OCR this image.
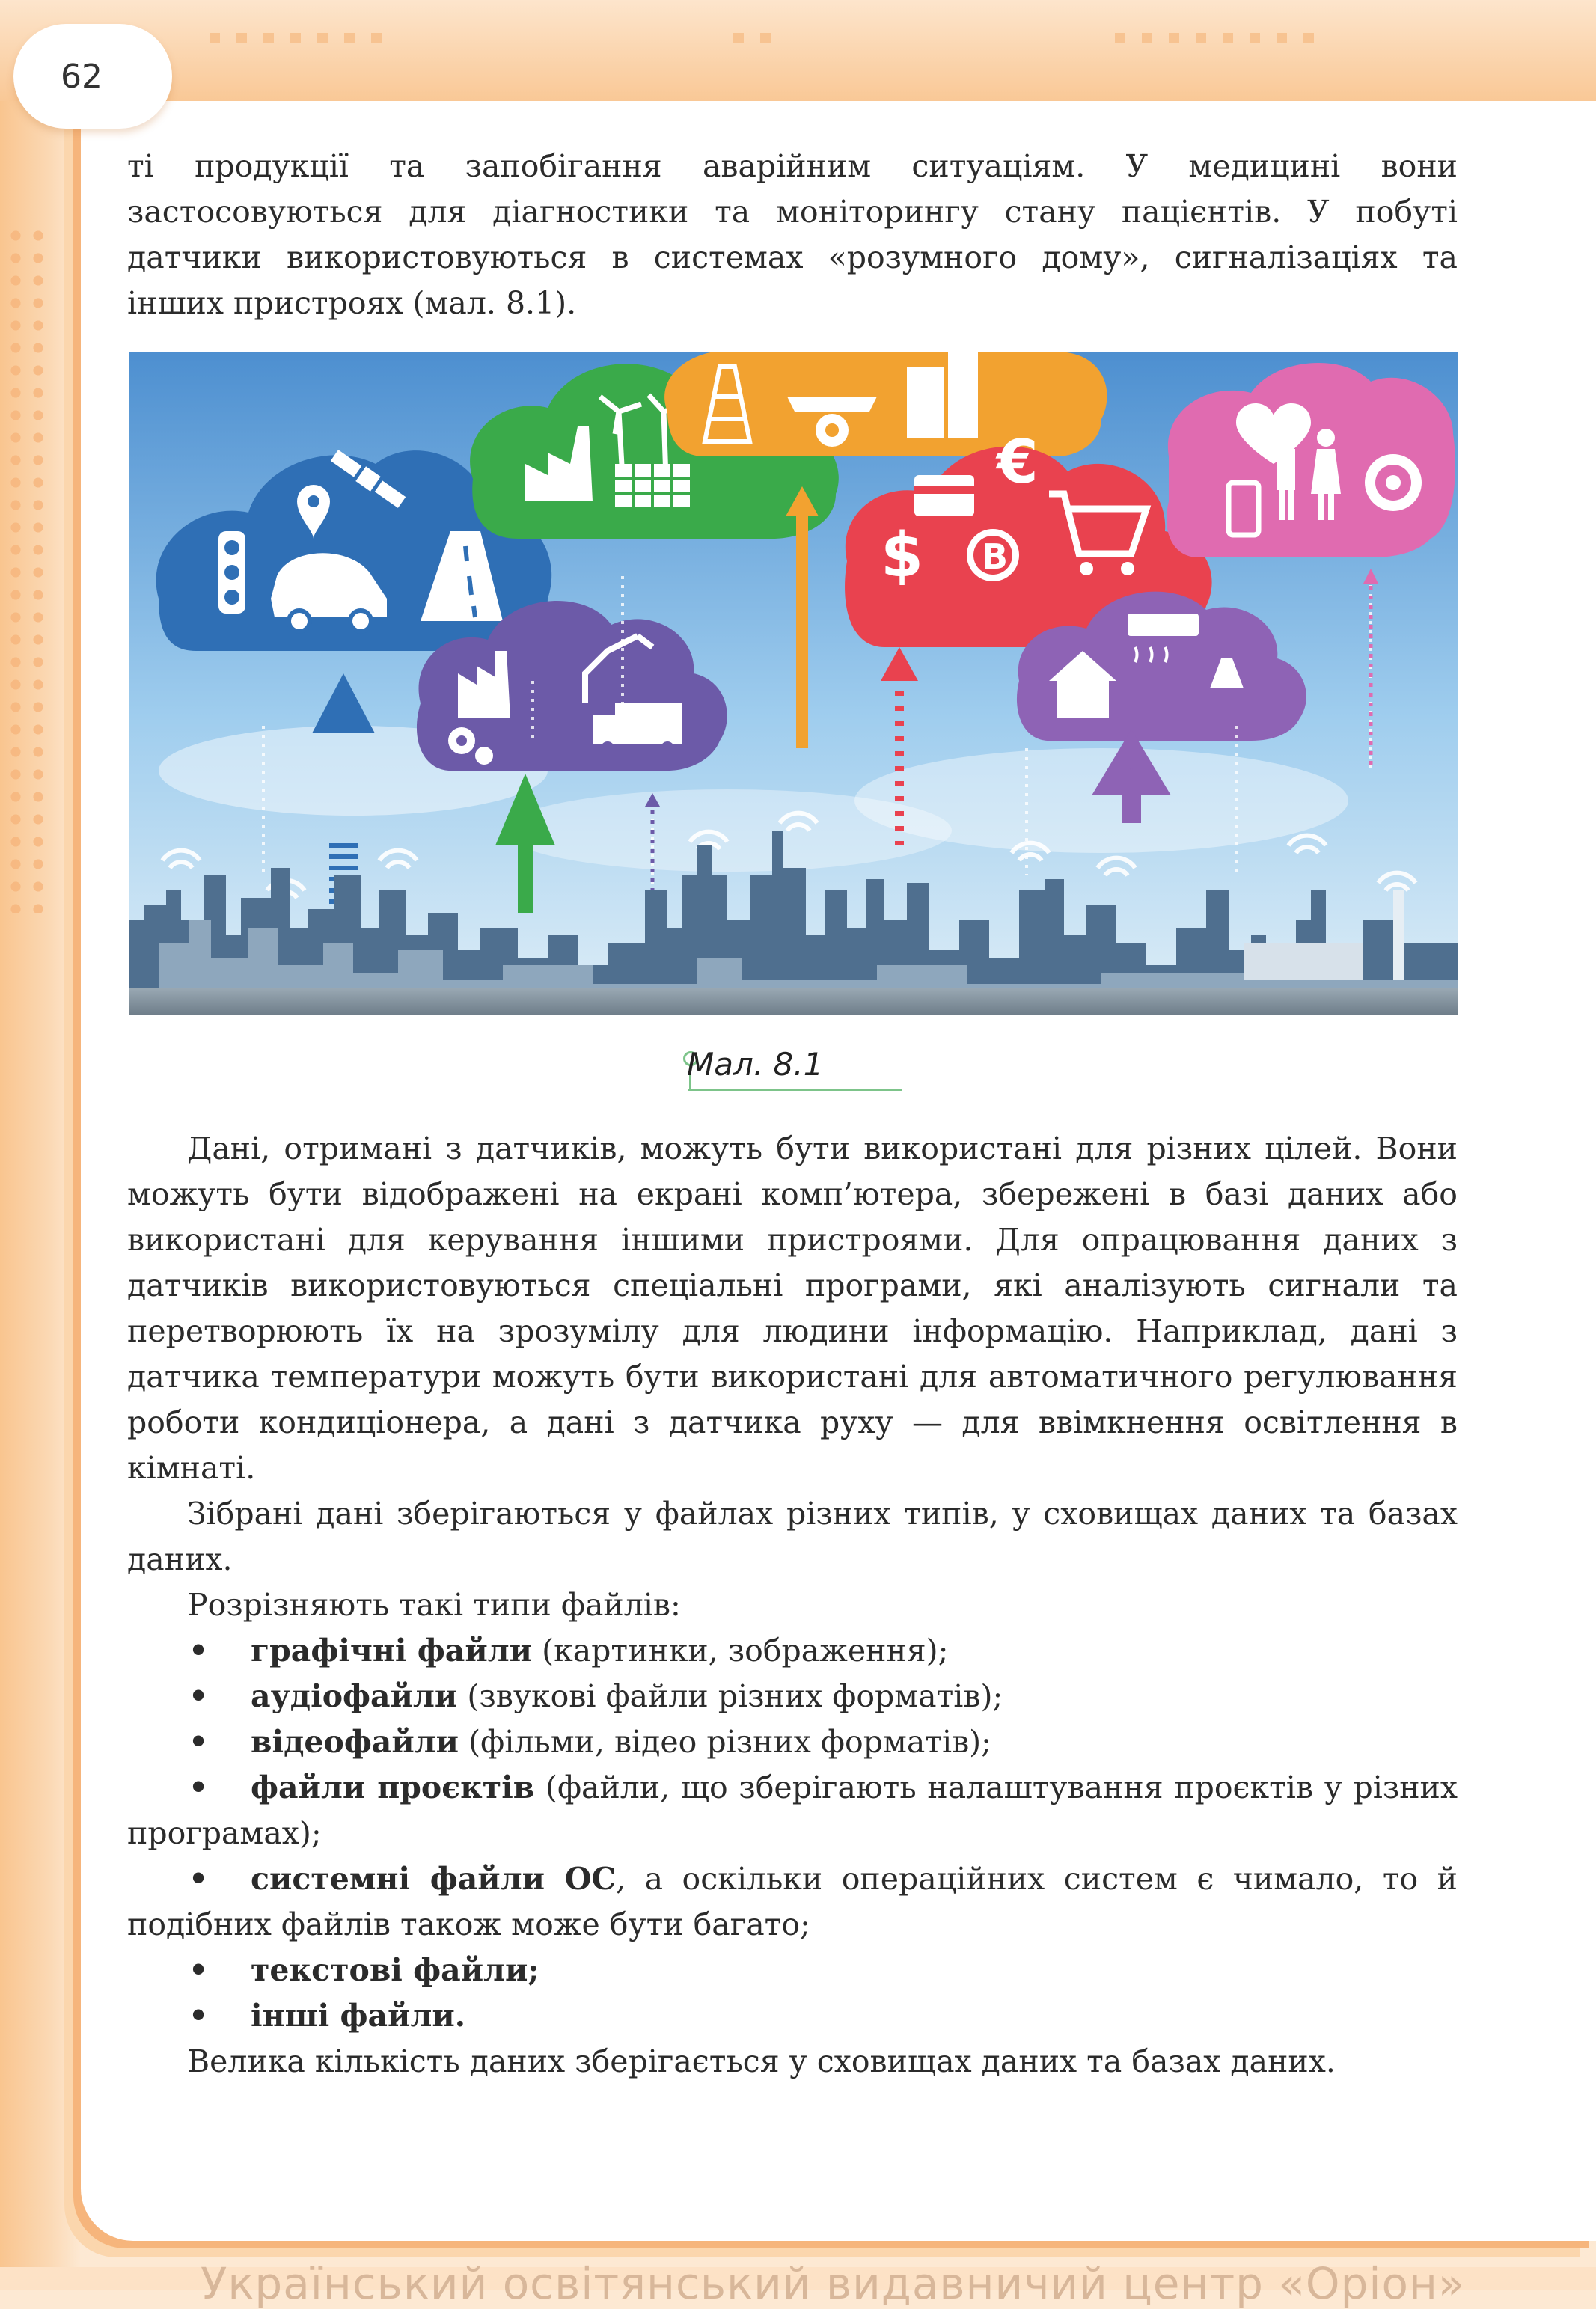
62

ті продукції та запобігання аварійним ситуаціям. У медицині вони застосовуються для діагностики та моніторингу стану пацієнтів. У побуті датчики використовуються в системах «розумного дому», сигналізаціях та інших пристроях (мал. 8.1).

$
€
B
Мал. 8.1

Дані, отримані з датчиків, можуть бути використані для різних цілей. Вони можуть бути відображені на екрані комп’ютера, збережені в базі даних або використані для керування іншими пристроями. Для опрацювання даних з датчиків використовуються спеціальні програми, які аналізують сигнали та перетворюють їх на зрозумілу для людини інформацію. Наприклад, дані з датчика температури можуть бути використані для автоматичного регулювання роботи кондиціонера, а дані з датчика руху — для ввімкнення освітлення в кімнаті.

Зібрані дані зберігаються у файлах різних типів, у сховищах даних та базах даних.

Розрізняють такі типи файлів:

• графічні файли (картинки, зображення);
• аудіофайли (звукові файли різних форматів);
• відеофайли (фільми, відео різних форматів);
• файли проєктів (файли, що зберігають налаштування проєктів у різних програмах);
• системні файли ОС, а оскільки операційних систем є чимало, то й подібних файлів також може бути багато;
• текстові файли;
• інші файли.

Велика кількість даних зберігається у сховищах даних та базах даних.

Український освітянський видавничий центр «Оріон»
